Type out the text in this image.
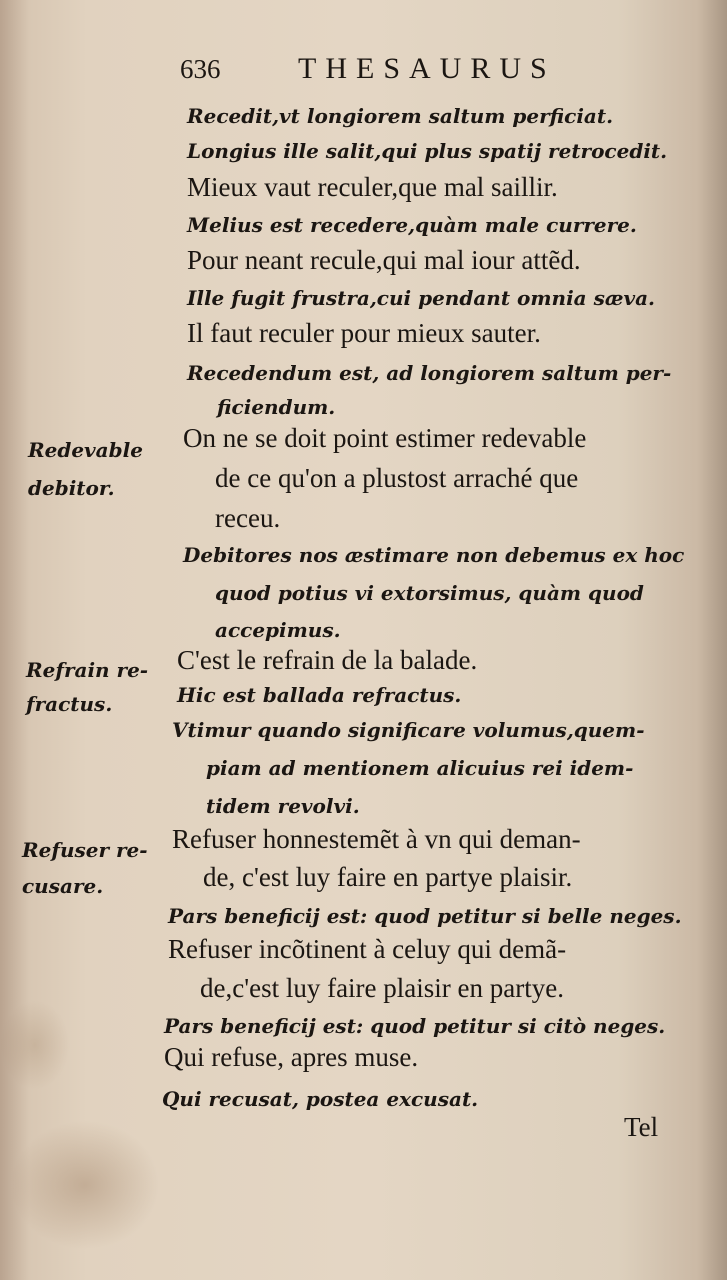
636	THESAURUS
Recedit,vt longiorem saltum perficiat.
Longius ille salit,qui plus spatij retrocedit.
Mieux vaut reculer,que mal saillir.
Melius est recedere,quàm male currere.
Pour neant recule,qui mal iour attẽd.
Ille fugit frustra,cui pendant omnia sæva.
Il faut reculer pour mieux sauter.
Recedendum est, ad longiorem saltum per-
ficiendum.
On ne se doit point estimer redevable
de ce qu'on a plustost arraché que
receu.
Debitores nos æstimare non debemus ex hoc
quod potius vi extorsimus, quàm quod
accepimus.
C'est le refrain de la balade.
Hic est ballada refractus.
Vtimur quando significare volumus,quem-
piam ad mentionem alicuius rei idem-
tidem revolvi.
Refuser honnestemẽt à vn qui deman-
de, c'est luy faire en partye plaisir.
Pars beneficij est: quod petitur si belle neges.
Refuser incõtinent à celuy qui demã-
de,c'est luy faire plaisir en partye.
Pars beneficij est: quod petitur si citò neges.
Qui refuse, apres muse.
Qui recusat, postea excusat.
Redevable
debitor.
Refrain re-
fractus.
Refuser re-
cusare.
Tel
